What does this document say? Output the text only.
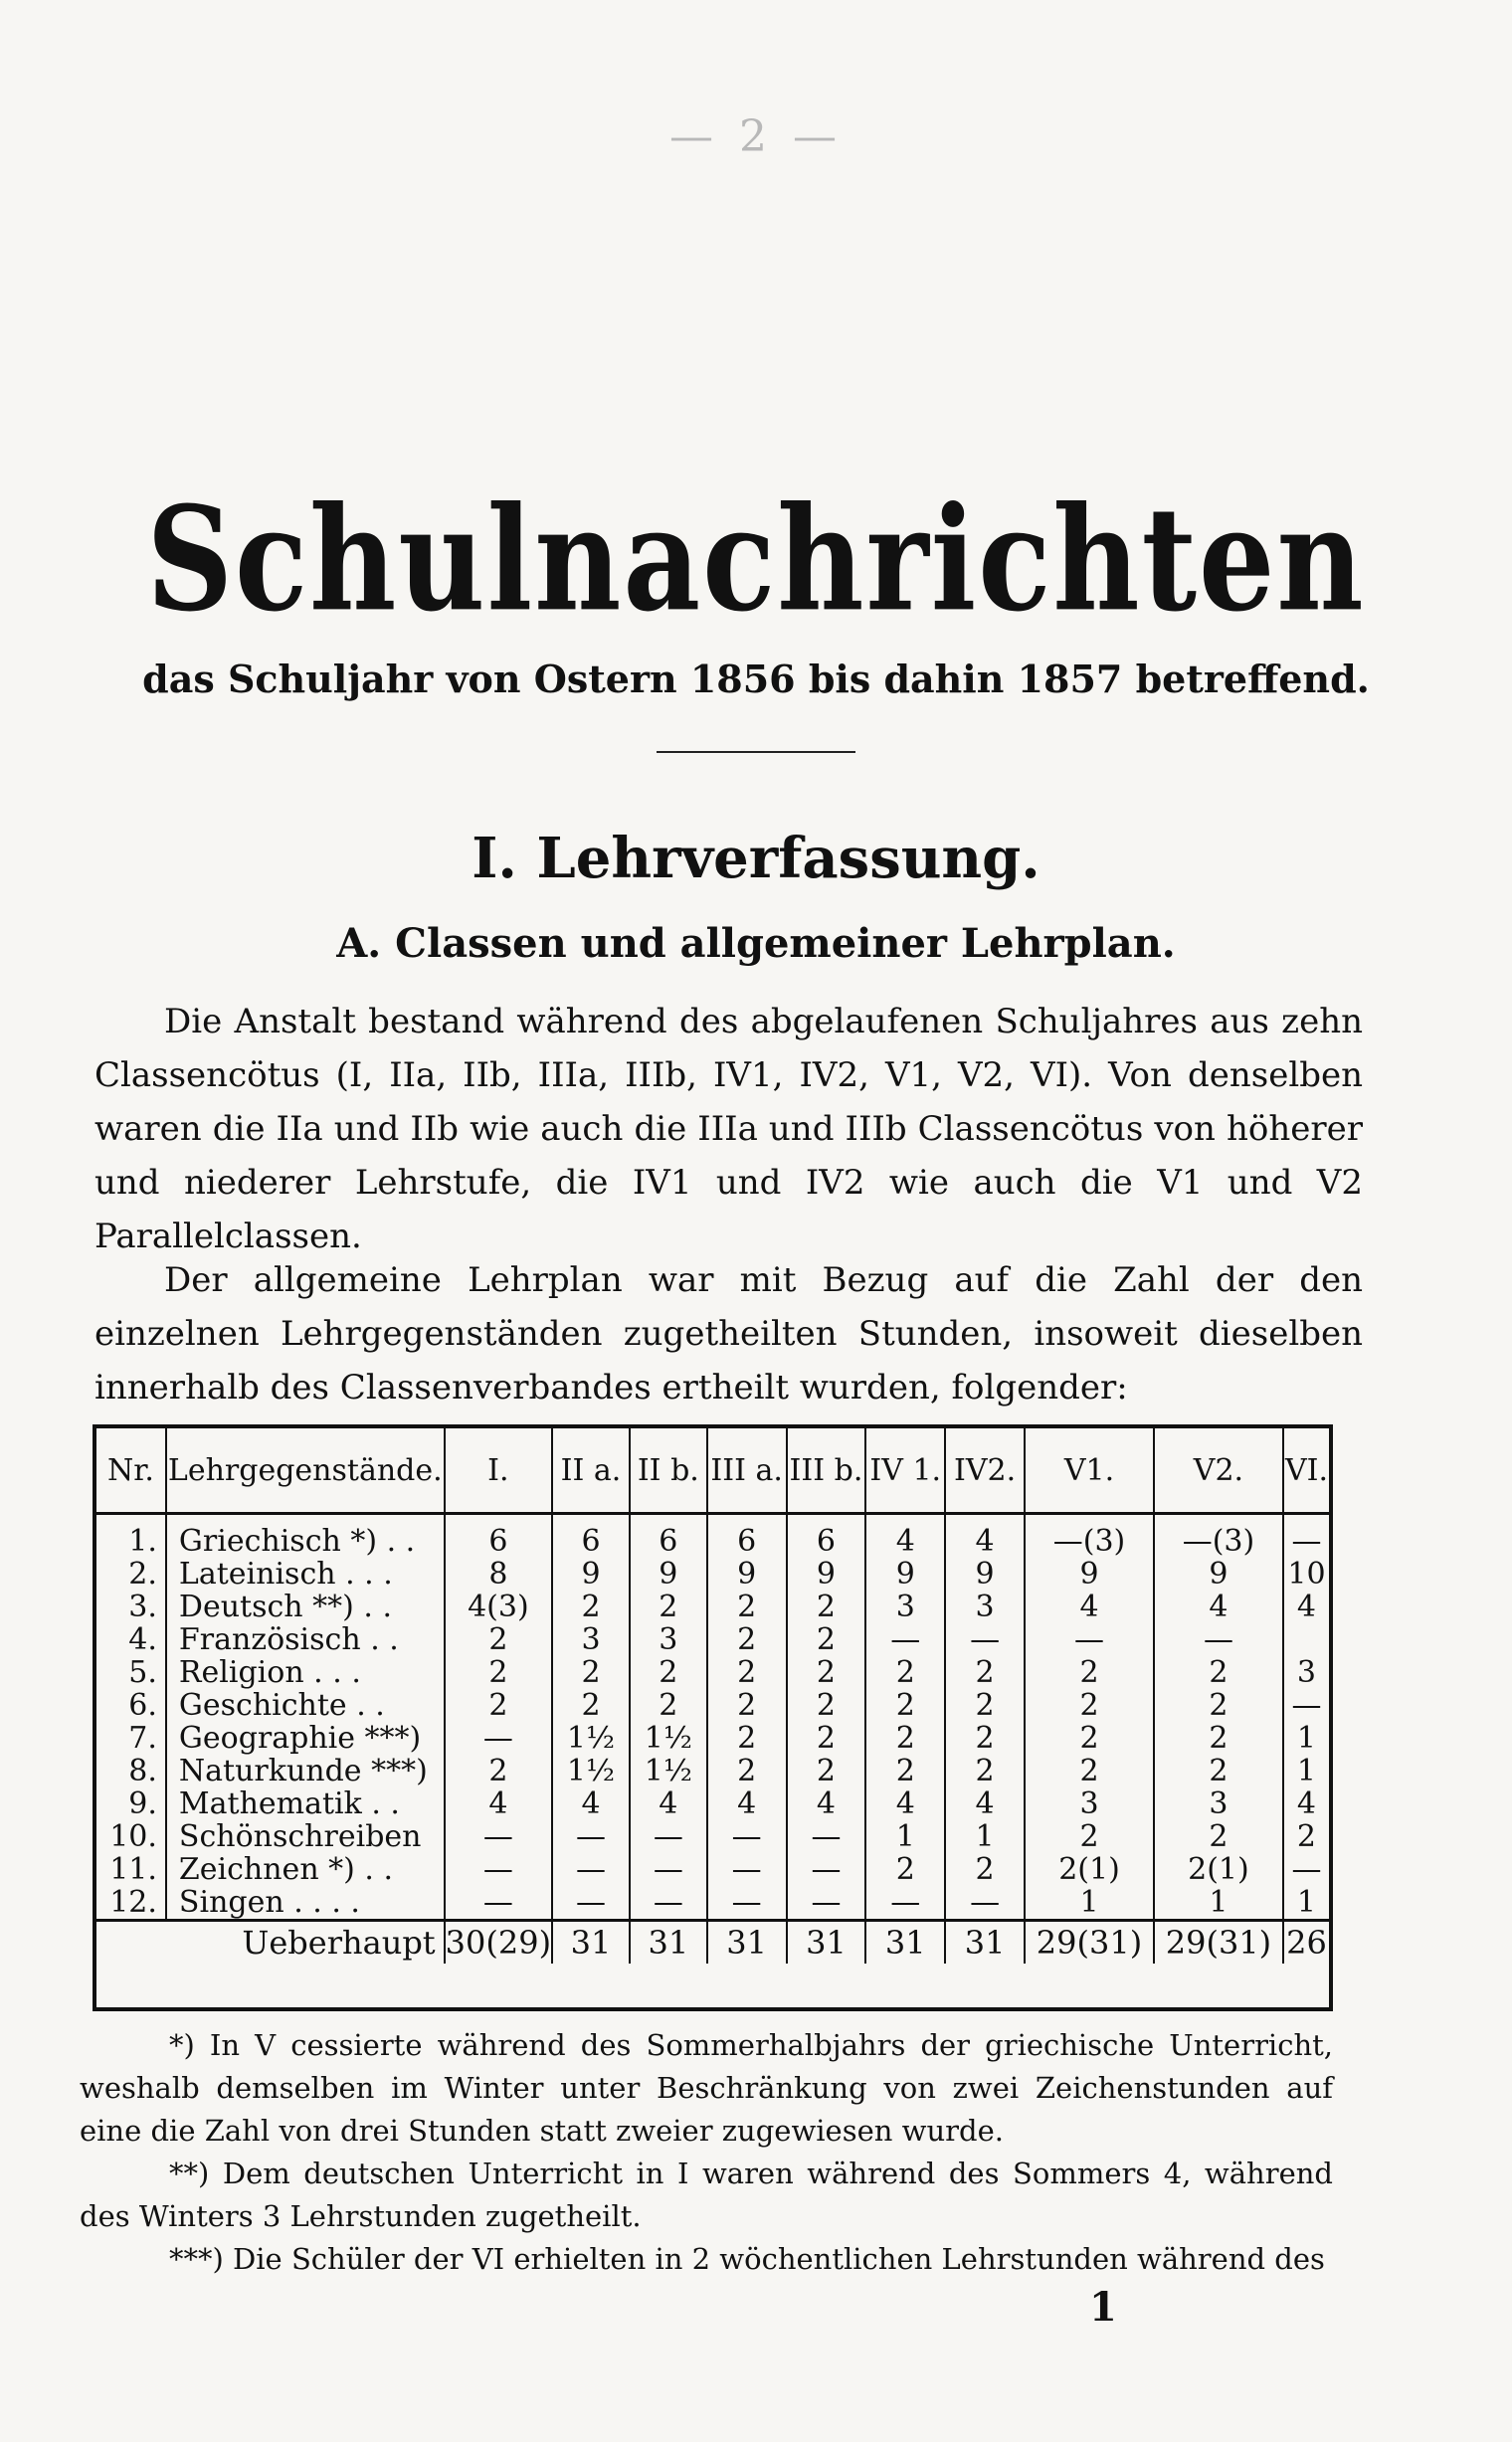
— 2 —

Schulnachrichten
das Schuljahr von Ostern 1856 bis dahin 1857 betreffend.
I. Lehrverfassung.
A. Classen und allgemeiner Lehrplan.
Die Anstalt bestand während des abgelaufenen Schuljahres aus zehn Classencötus (I, IIa, IIb, IIIa, IIIb, IV1, IV2, V1, V2, VI). Von denselben waren die IIa und IIb wie auch die IIIa und IIIb Classencötus von höherer und niederer Lehrstufe, die IV1 und IV2 wie auch die V1 und V2 Parallelclassen.
Der allgemeine Lehrplan war mit Bezug auf die Zahl der den einzelnen Lehrgegenständen zugetheilten Stunden, insoweit dieselben innerhalb des Classenverbandes ertheilt wurden, folgender:
Nr.	Lehrgegenstände.	I.	II a.	II b.	III a.	III b.	IV 1.	IV2.	V1.	V2.	VI.
1.	Griechisch *) . .	6	6	6	6	6	4	4	—(3)	—(3)	—
2.	Lateinisch . . .	8	9	9	9	9	9	9	9	9	10
3.	Deutsch **) . .	4(3)	2	2	2	2	3	3	4	4	4
4.	Französisch . .	2	3	3	2	2	—	—	—	—	
5.	Religion . . .	2	2	2	2	2	2	2	2	2	3
6.	Geschichte . .	2	2	2	2	2	2	2	2	2	—
7.	Geographie ***)	—	1½	1½	2	2	2	2	2	2	1
8.	Naturkunde ***)	2	1½	1½	2	2	2	2	2	2	1
9.	Mathematik . .	4	4	4	4	4	4	4	3	3	4
10.	Schönschreiben	—	—	—	—	—	1	1	2	2	2
11.	Zeichnen *) . .	—	—	—	—	—	2	2	2(1)	2(1)	—
12.	Singen . . . .	—	—	—	—	—	—	—	1	1	1
Ueberhaupt		30(29)	31	31	31	31	31	31	29(31)	29(31)	26

*) In V cessierte während des Sommerhalbjahrs der griechische Unterricht, weshalb demselben im Winter unter Beschränkung von zwei Zeichenstunden auf eine die Zahl von drei Stunden statt zweier zugewiesen wurde.

**) Dem deutschen Unterricht in I waren während des Sommers 4, während des Winters 3 Lehrstunden zugetheilt.

***) Die Schüler der VI erhielten in 2 wöchentlichen Lehrstunden während des

1
